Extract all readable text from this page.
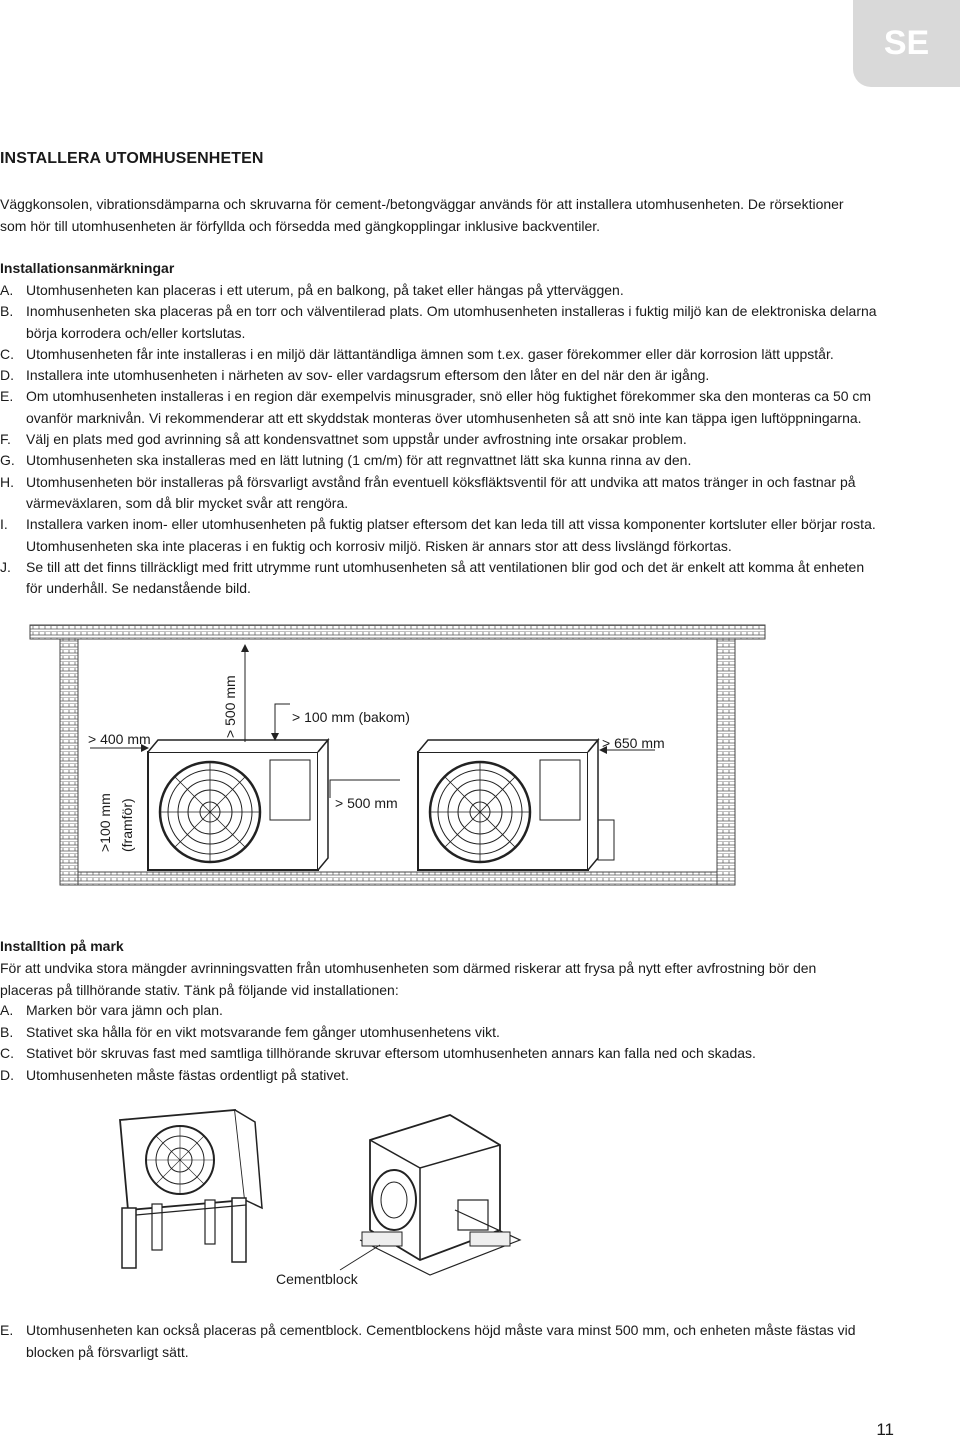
SE
INSTALLERA UTOMHUSENHETEN
Väggkonsolen, vibrationsdämparna och skruvarna för cement-/betongväggar används för att installera utomhusenheten. De rörsektioner som hör till utomhusenheten är förfyllda och försedda med gängkopplingar inklusive backventiler.
Installationsanmärkningar
A. Utomhusenheten kan placeras i ett uterum, på en balkong, på taket eller hängas på ytterväggen.
B. Inomhusenheten ska placeras på en torr och välventilerad plats. Om utomhusenheten installeras i fuktig miljö kan de elektroniska delarna börja korrodera och/eller kortslutas.
C. Utomhusenheten får inte installeras i en miljö där lättantändliga ämnen som t.ex. gaser förekommer eller där korrosion lätt uppstår.
D. Installera inte utomhusenheten i närheten av sov- eller vardagsrum eftersom den låter en del när den är igång.
E. Om utomhusenheten installeras i en region där exempelvis minusgrader, snö eller hög fuktighet förekommer ska den monteras ca 50 cm ovanför marknivån. Vi rekommenderar att ett skyddstak monteras över utomhusenheten så att snö inte kan täppa igen luftöppningarna.
F.	Välj en plats med god avrinning så att kondensvattnet som uppstår under avfrostning inte orsakar problem.
G. Utomhusenheten ska installeras med en lätt lutning (1 cm/m) för att regnvattnet lätt ska kunna rinna av den.
H. Utomhusenheten bör installeras på försvarligt avstånd från eventuell köksfläktsventil för att undvika att matos tränger in och fastnar på värmeväxlaren, som då blir mycket svår att rengöra.
I.	Installera varken inom- eller utomhusenheten på fuktig platser eftersom det kan leda till att vissa komponenter kortsluter eller börjar rosta. Utomhusenheten ska inte placeras i en fuktig och korrosiv miljö. Risken är annars stor att dess livslängd förkortas.
J.	Se till att det finns tillräckligt med fritt utrymme runt utomhusenheten så att ventilationen blir god och det är enkelt att komma åt enheten för underhåll. Se nedanstående bild.
> 400 mm
> 500 mm	> 100 mm (bakom)
> 650 mm
> 500 mm
>100 mm (framför)
Installtion på mark
För att undvika stora mängder avrinningsvatten från utomhusenheten som därmed riskerar att frysa på nytt efter avfrostning bör den placeras på tillhörande stativ. Tänk på följande vid installationen:
A. Marken bör vara jämn och plan.
B. Stativet ska hålla för en vikt motsvarande fem gånger utomhusenhetens vikt.
C. Stativet bör skruvas fast med samtliga tillhörande skruvar eftersom utomhusenheten annars kan falla ned och skadas.
D. Utomhusenheten måste fästas ordentligt på stativet.
Cementblock
E. Utomhusenheten kan också placeras på cementblock. Cementblockens höjd måste vara minst 500 mm, och enheten måste fästas vid blocken på försvarligt sätt.
11
